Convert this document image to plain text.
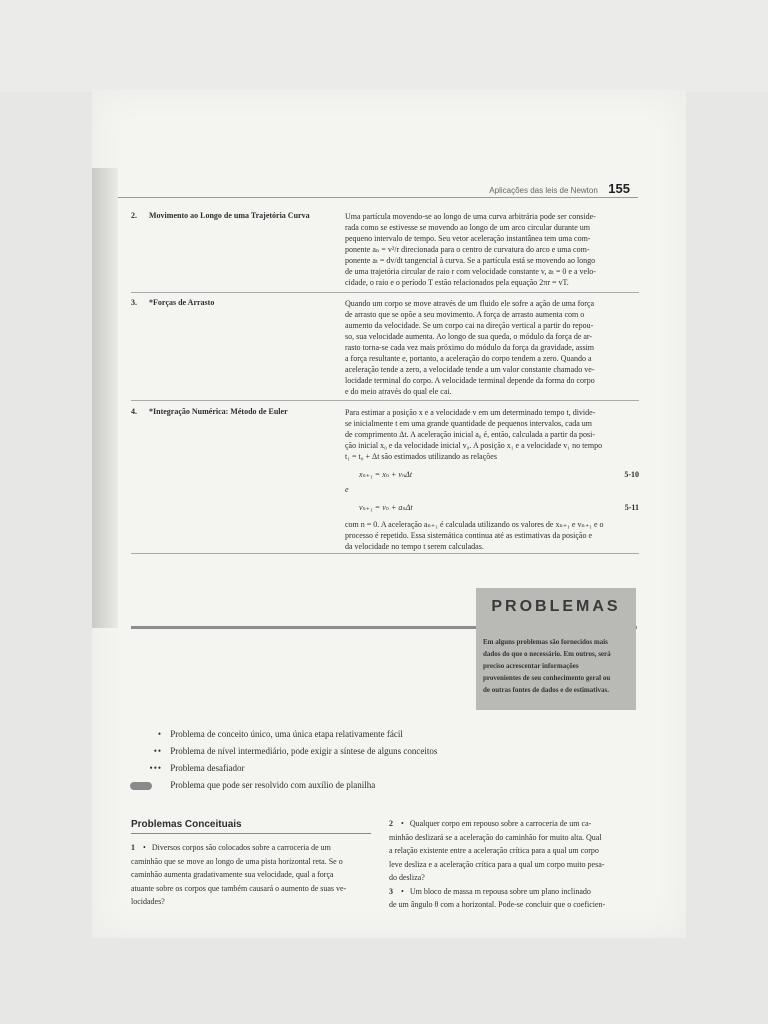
Aplicações das leis de Newton 155
2. Movimento ao Longo de uma Trajetória Curva	Uma partícula movendo-se ao longo de uma curva arbitrária pode ser conside-

rada como se estivesse se movendo ao longo de um arco circular durante um

pequeno intervalo de tempo. Seu vetor aceleração instantânea tem uma com-

ponente aₙ = v²/r direcionada para o centro de curvatura do arco e uma com-

ponente aₜ = dv/dt tangencial à curva. Se a partícula está se movendo ao longo

de uma trajetória circular de raio r com velocidade constante v, aₜ = 0 e a velo-

cidade, o raio e o período T estão relacionados pela equação 2πr = vT.

3. *Forças de Arrasto	Quando um corpo se move através de um fluido ele sofre a ação de uma força

de arrasto que se opõe a seu movimento. A força de arrasto aumenta com o

aumento da velocidade. Se um corpo cai na direção vertical a partir do repou-

so, sua velocidade aumenta. Ao longo de sua queda, o módulo da força de ar-

rasto torna-se cada vez mais próximo do módulo da força da gravidade, assim

a força resultante e, portanto, a aceleração do corpo tendem a zero. Quando a

aceleração tende a zero, a velocidade tende a um valor constante chamado ve-

locidade terminal do corpo. A velocidade terminal depende da forma do corpo

e do meio através do qual ele cai.

4. *Integração Numérica: Método de Euler	Para estimar a posição x e a velocidade v em um determinado tempo t, divide-

se inicialmente t em uma grande quantidade de pequenos intervalos, cada um

de comprimento Δt. A aceleração inicial a₀ é, então, calculada a partir da posi-

ção inicial x₀ e da velocidade inicial v₀. A posição x₁ e a velocidade v₁ no tempo

t₁ = t₀ + Δt são estimados utilizando as relações

xₙ₊₁ = xₙ + vₙΔt	5-10

e

vₙ₊₁ = vₙ + aₙΔt	5-11

com n = 0. A aceleração aₙ₊₁ é calculada utilizando os valores de xₙ₊₁ e vₙ₊₁ e o

processo é repetido. Essa sistemática continua até as estimativas da posição e

da velocidade no tempo t serem calculadas.

PROBLEMAS
Em alguns problemas são fornecidos mais
dados do que o necessário. Em outros, será
preciso acrescentar informações
provenientes de seu conhecimento geral ou
de outras fontes de dados e de estimativas.
• Problema de conceito único, uma única etapa relativamente fácil
•• Problema de nível intermediário, pode exigir a síntese de alguns conceitos
••• Problema desafiador
Problema que pode ser resolvido com auxílio de planilha
Problemas Conceituais

1 • Diversos corpos são colocados sobre a carroceria de um

caminhão que se move ao longo de uma pista horizontal reta. Se o

caminhão aumenta gradativamente sua velocidade, qual a força

atuante sobre os corpos que também causará o aumento de suas ve-

locidades?

2 • Qualquer corpo em repouso sobre a carroceria de um ca-

minhão deslizará se a aceleração do caminhão for muito alta. Qual

a relação existente entre a aceleração crítica para a qual um corpo

leve desliza e a aceleração crítica para a qual um corpo muito pesa-

do desliza?

3 • Um bloco de massa m repousa sobre um plano inclinado

de um ângulo θ com a horizontal. Pode-se concluir que o coeficien-
